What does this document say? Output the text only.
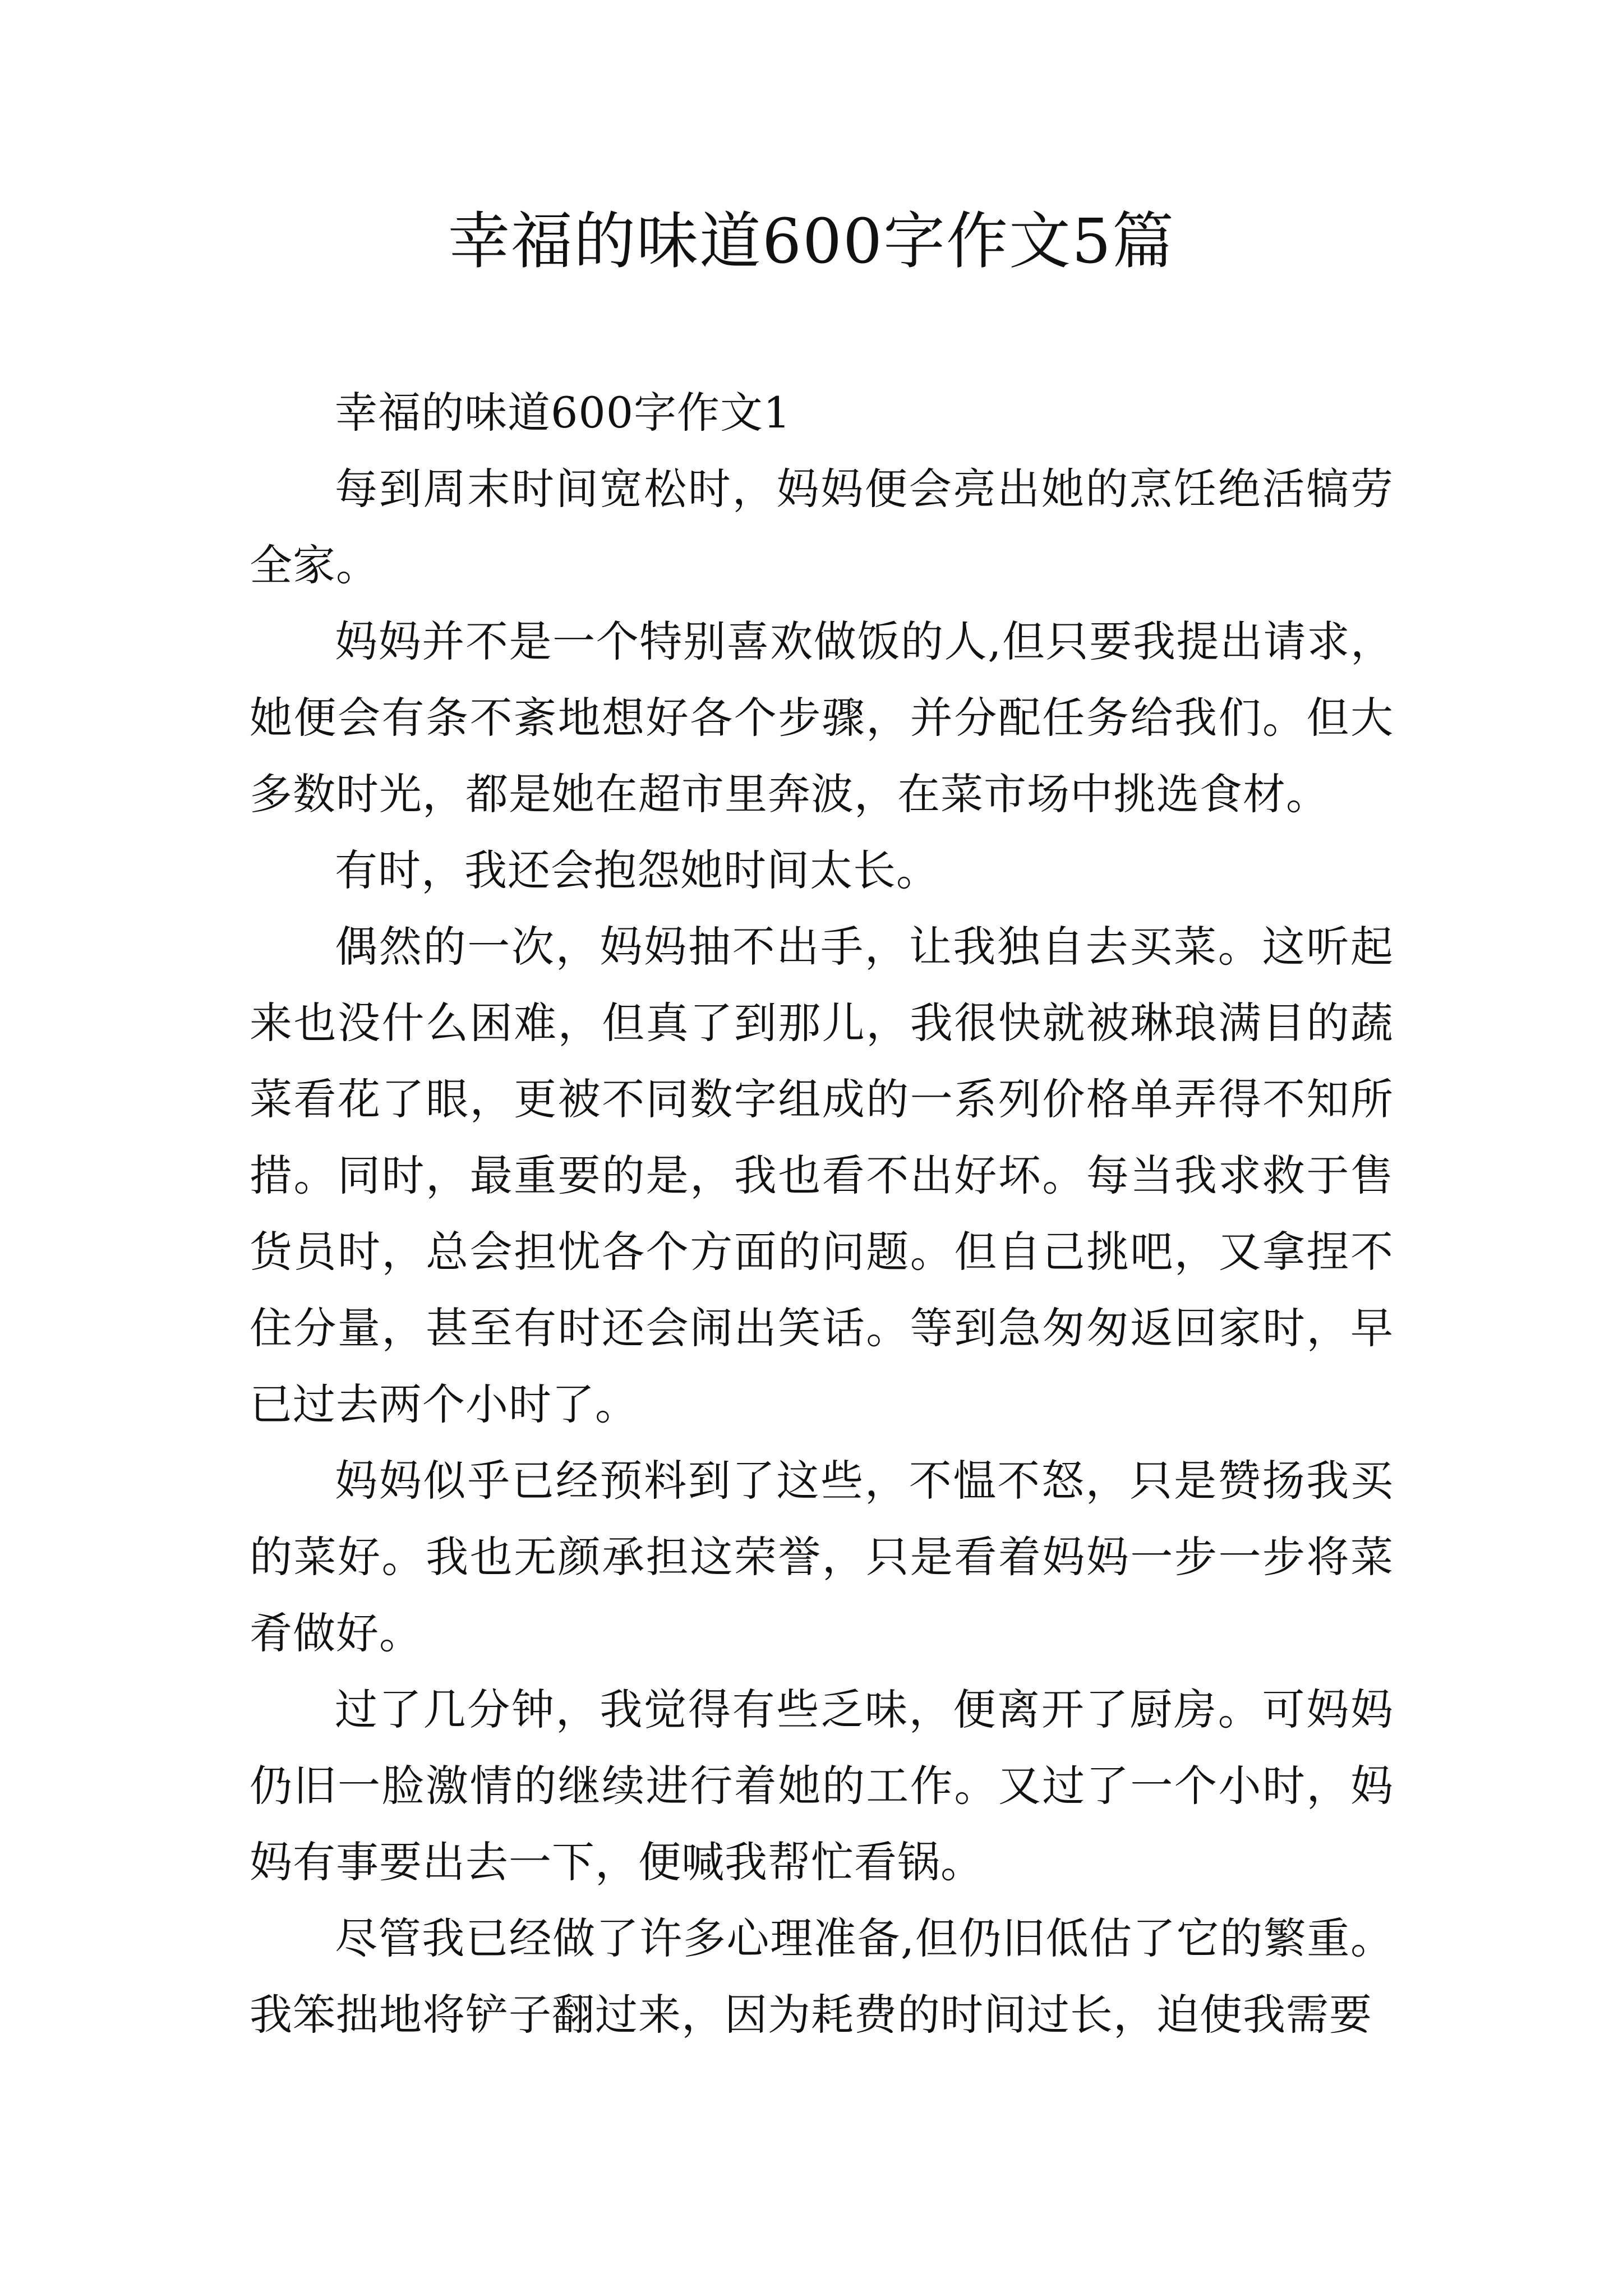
幸福的味道600字作文5篇

幸福的味道600字作文1

每到周末时间宽松时，妈妈便会亮出她的烹饪绝活犒劳全家。

妈妈并不是一个特别喜欢做饭的人,但只要我提出请求，她便会有条不紊地想好各个步骤，并分配任务给我们。但大多数时光，都是她在超市里奔波，在菜市场中挑选食材。

有时，我还会抱怨她时间太长。

偶然的一次，妈妈抽不出手，让我独自去买菜。这听起来也没什么困难，但真了到那儿，我很快就被琳琅满目的蔬菜看花了眼，更被不同数字组成的一系列价格单弄得不知所措。同时，最重要的是，我也看不出好坏。每当我求救于售货员时，总会担忧各个方面的问题。但自己挑吧，又拿捏不住分量，甚至有时还会闹出笑话。等到急匆匆返回家时，早已过去两个小时了。

妈妈似乎已经预料到了这些，不愠不怒，只是赞扬我买的菜好。我也无颜承担这荣誉，只是看着妈妈一步一步将菜肴做好。

过了几分钟，我觉得有些乏味，便离开了厨房。可妈妈仍旧一脸激情的继续进行着她的工作。又过了一个小时，妈妈有事要出去一下，便喊我帮忙看锅。

尽管我已经做了许多心理准备,但仍旧低估了它的繁重。我笨拙地将铲子翻过来，因为耗费的时间过长，迫使我需要
